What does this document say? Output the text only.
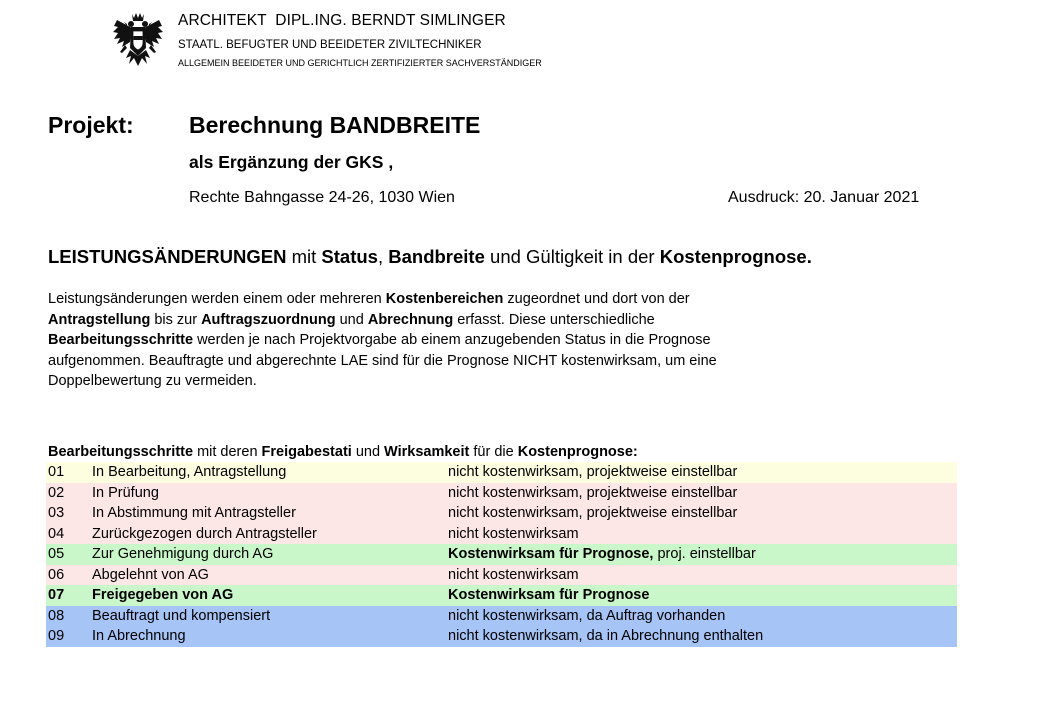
ARCHITEKT  DIPL.ING. BERNDT SIMLINGER
STAATL. BEFUGTER UND BEEIDETER ZIVILTECHNIKER
ALLGEMEIN BEEIDETER UND GERICHTLICH ZERTIFIZIERTER SACHVERSTÄNDIGER
Projekt: Berechnung BANDBREITE
als Ergänzung der GKS ,
Rechte Bahngasse 24-26, 1030 Wien	Ausdruck: 20. Januar 2021
LEISTUNGSÄNDERUNGEN mit Status, Bandbreite und Gültigkeit in der Kostenprognose.
Leistungsänderungen werden einem oder mehreren Kostenbereichen zugeordnet und dort von der
Antragstellung bis zur Auftragszuordnung und Abrechnung erfasst. Diese unterschiedliche
Bearbeitungsschritte werden je nach Projektvorgabe ab einem anzugebenden Status in die Prognose
aufgenommen. Beauftragte und abgerechnte LAE sind für die Prognose NICHT kostenwirksam, um eine
Doppelbewertung zu vermeiden.
Bearbeitungsschritte mit deren Freigabestati und Wirksamkeit für die Kostenprognose:
01 In Bearbeitung, Antragstellung	nicht kostenwirksam, projektweise einstellbar
02 In Prüfung	nicht kostenwirksam, projektweise einstellbar
03 In Abstimmung mit Antragsteller	nicht kostenwirksam, projektweise einstellbar
04 Zurückgezogen durch Antragsteller	nicht kostenwirksam
05 Zur Genehmigung durch AG	Kostenwirksam für Prognose, proj. einstellbar
06 Abgelehnt von AG	nicht kostenwirksam
07 Freigegeben von AG	Kostenwirksam für Prognose
08 Beauftragt und kompensiert	nicht kostenwirksam, da Auftrag vorhanden
09 In Abrechnung	nicht kostenwirksam, da in Abrechnung enthalten
